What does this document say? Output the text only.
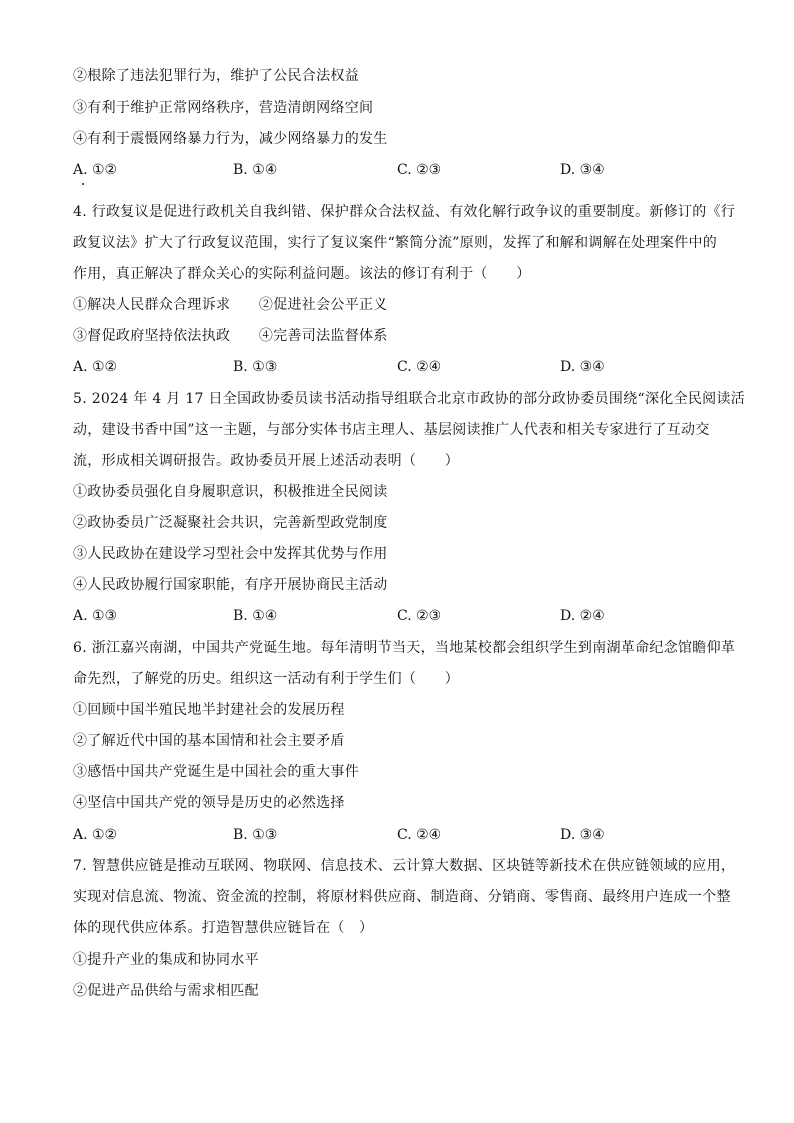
②根除了违法犯罪行为，维护了公民合法权益
③有利于维护正常网络秩序，营造清朗网络空间
④有利于震慑网络暴力行为，减少网络暴力的发生
A. ①②	B. ①④	C. ②③	D. ③④
4. 行政复议是促进行政机关自我纠错、保护群众合法权益、有效化解行政争议的重要制度。新修订的《行
政复议法》扩大了行政复议范围，实行了复议案件“繁简分流”原则，发挥了和解和调解在处理案件中的
作用，真正解决了群众关心的实际利益问题。该法的修订有利于（　　）
①解决人民群众合理诉求　　②促进社会公平正义
③督促政府坚持依法执政　　④完善司法监督体系
A. ①②	B. ①③	C. ②④	D. ③④
5. 2024 年 4 月 17 日全国政协委员读书活动指导组联合北京市政协的部分政协委员围绕“深化全民阅读活
动，建设书香中国”这一主题，与部分实体书店主理人、基层阅读推广人代表和相关专家进行了互动交
流，形成相关调研报告。政协委员开展上述活动表明（　　）
①政协委员强化自身履职意识，积极推进全民阅读
②政协委员广泛凝聚社会共识，完善新型政党制度
③人民政协在建设学习型社会中发挥其优势与作用
④人民政协履行国家职能，有序开展协商民主活动
A. ①③	B. ①④	C. ②③	D. ②④
6. 浙江嘉兴南湖，中国共产党诞生地。每年清明节当天，当地某校都会组织学生到南湖革命纪念馆瞻仰革
命先烈，了解党的历史。组织这一活动有利于学生们（　　）
①回顾中国半殖民地半封建社会的发展历程
②了解近代中国的基本国情和社会主要矛盾
③感悟中国共产党诞生是中国社会的重大事件
④坚信中国共产党的领导是历史的必然选择
A. ①②	B. ①③	C. ②④	D. ③④
7. 智慧供应链是推动互联网、物联网、信息技术、云计算大数据、区块链等新技术在供应链领域的应用，
实现对信息流、物流、资金流的控制，将原材料供应商、制造商、分销商、零售商、最终用户连成一个整
体的现代供应体系。打造智慧供应链旨在（　）
①提升产业的集成和协同水平
②促进产品供给与需求相匹配
